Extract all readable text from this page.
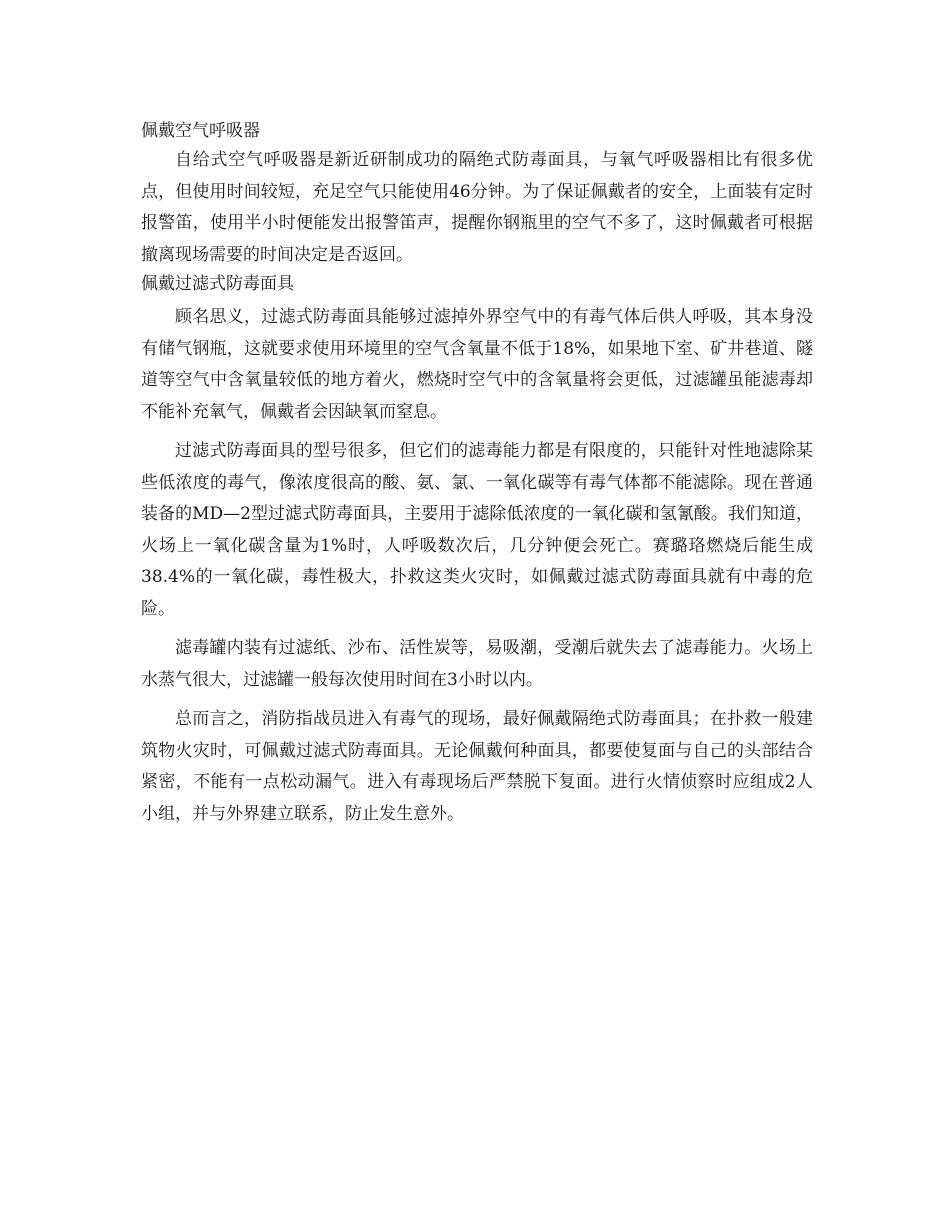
佩戴空气呼吸器

自给式空气呼吸器是新近研制成功的隔绝式防毒面具，与氧气呼吸器相比有很多优点，但使用时间较短，充足空气只能使用46分钟。为了保证佩戴者的安全，上面装有定时报警笛，使用半小时便能发出报警笛声，提醒你钢瓶里的空气不多了，这时佩戴者可根据撤离现场需要的时间决定是否返回。

佩戴过滤式防毒面具

顾名思义，过滤式防毒面具能够过滤掉外界空气中的有毒气体后供人呼吸，其本身没有储气钢瓶，这就要求使用环境里的空气含氧量不低于18%，如果地下室、矿井巷道、隧道等空气中含氧量较低的地方着火，燃烧时空气中的含氧量将会更低，过滤罐虽能滤毒却不能补充氧气，佩戴者会因缺氧而窒息。

过滤式防毒面具的型号很多，但它们的滤毒能力都是有限度的，只能针对性地滤除某些低浓度的毒气，像浓度很高的酸、氨、氯、一氧化碳等有毒气体都不能滤除。现在普通装备的MD—2型过滤式防毒面具，主要用于滤除低浓度的一氧化碳和氢氰酸。我们知道，火场上一氧化碳含量为1%时，人呼吸数次后，几分钟便会死亡。赛璐珞燃烧后能生成38.4%的一氧化碳，毒性极大，扑救这类火灾时，如佩戴过滤式防毒面具就有中毒的危险。

滤毒罐内装有过滤纸、沙布、活性炭等，易吸潮，受潮后就失去了滤毒能力。火场上水蒸气很大，过滤罐一般每次使用时间在3小时以内。

总而言之，消防指战员进入有毒气的现场，最好佩戴隔绝式防毒面具；在扑救一般建筑物火灾时，可佩戴过滤式防毒面具。无论佩戴何种面具，都要使复面与自己的头部结合紧密，不能有一点松动漏气。进入有毒现场后严禁脱下复面。进行火情侦察时应组成2人小组，并与外界建立联系，防止发生意外。
